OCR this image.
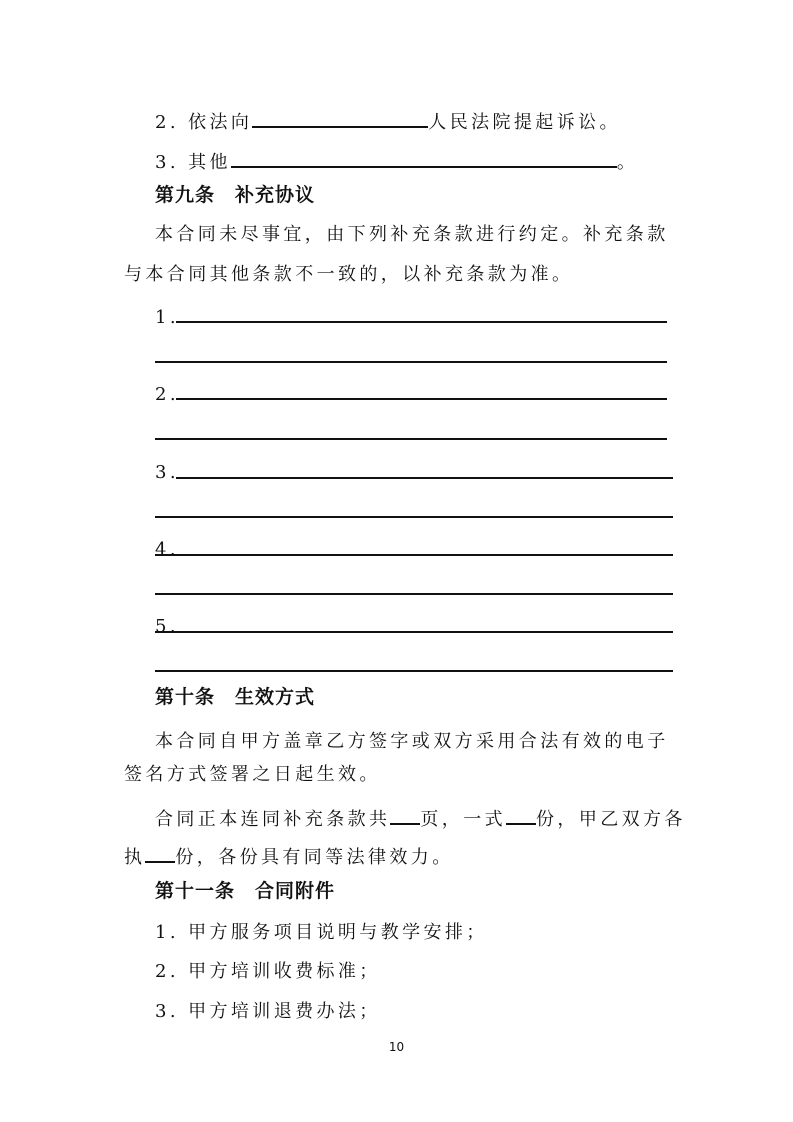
2. 依法向	人民法院提起诉讼。
3. 其他	。
第九条　补充协议
本合同未尽事宜，由下列补充条款进行约定。补充条款
与本合同其他条款不一致的，以补充条款为准。
1.
2.
3.
4.
5.
第十条　生效方式
本合同自甲方盖章乙方签字或双方采用合法有效的电子
签名方式签署之日起生效。
合同正本连同补充条款共 页，一式 份，甲乙双方各
执 份，各份具有同等法律效力。
第十一条　合同附件
1. 甲方服务项目说明与教学安排；
2. 甲方培训收费标准；
3. 甲方培训退费办法；
10
